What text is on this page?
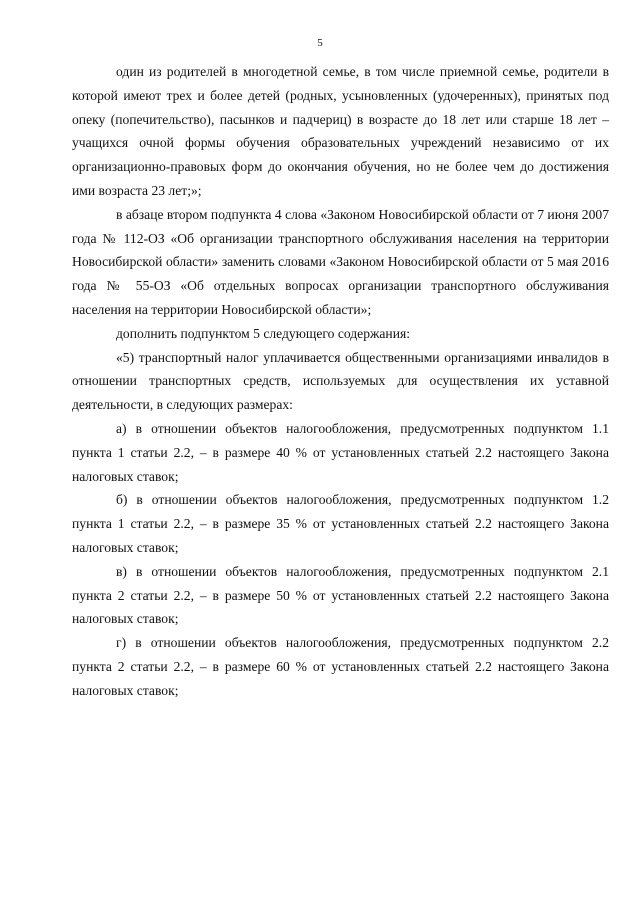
5

один из родителей в многодетной семье, в том числе приемной семье, родители в которой имеют трех и более детей (родных, усыновленных (удочеренных), принятых под опеку (попечительство), пасынков и падчериц) в возрасте до 18 лет или старше 18 лет – учащихся очной формы обучения образовательных учреждений независимо от их организационно-правовых форм до окончания обучения, но не более чем до достижения ими возраста 23 лет;»;

в абзаце втором подпункта 4 слова «Законом Новосибирской области от 7 июня 2007 года № 112-ОЗ «Об организации транспортного обслуживания населения на территории Новосибирской области» заменить словами «Законом Новосибирской области от 5 мая 2016 года № 55-ОЗ «Об отдельных вопросах организации транспортного обслуживания населения на территории Новосибирской области»;

дополнить подпунктом 5 следующего содержания:

«5) транспортный налог уплачивается общественными организациями инвалидов в отношении транспортных средств, используемых для осуществления их уставной деятельности, в следующих размерах:

а) в отношении объектов налогообложения, предусмотренных подпунктом 1.1 пункта 1 статьи 2.2, – в размере 40 % от установленных статьей 2.2 настоящего Закона налоговых ставок;

б) в отношении объектов налогообложения, предусмотренных подпунктом 1.2 пункта 1 статьи 2.2, – в размере 35 % от установленных статьей 2.2 настоящего Закона налоговых ставок;

в) в отношении объектов налогообложения, предусмотренных подпунктом 2.1 пункта 2 статьи 2.2, – в размере 50 % от установленных статьей 2.2 настоящего Закона налоговых ставок;

г) в отношении объектов налогообложения, предусмотренных подпунктом 2.2 пункта 2 статьи 2.2, – в размере 60 % от установленных статьей 2.2 настоящего Закона налоговых ставок;
